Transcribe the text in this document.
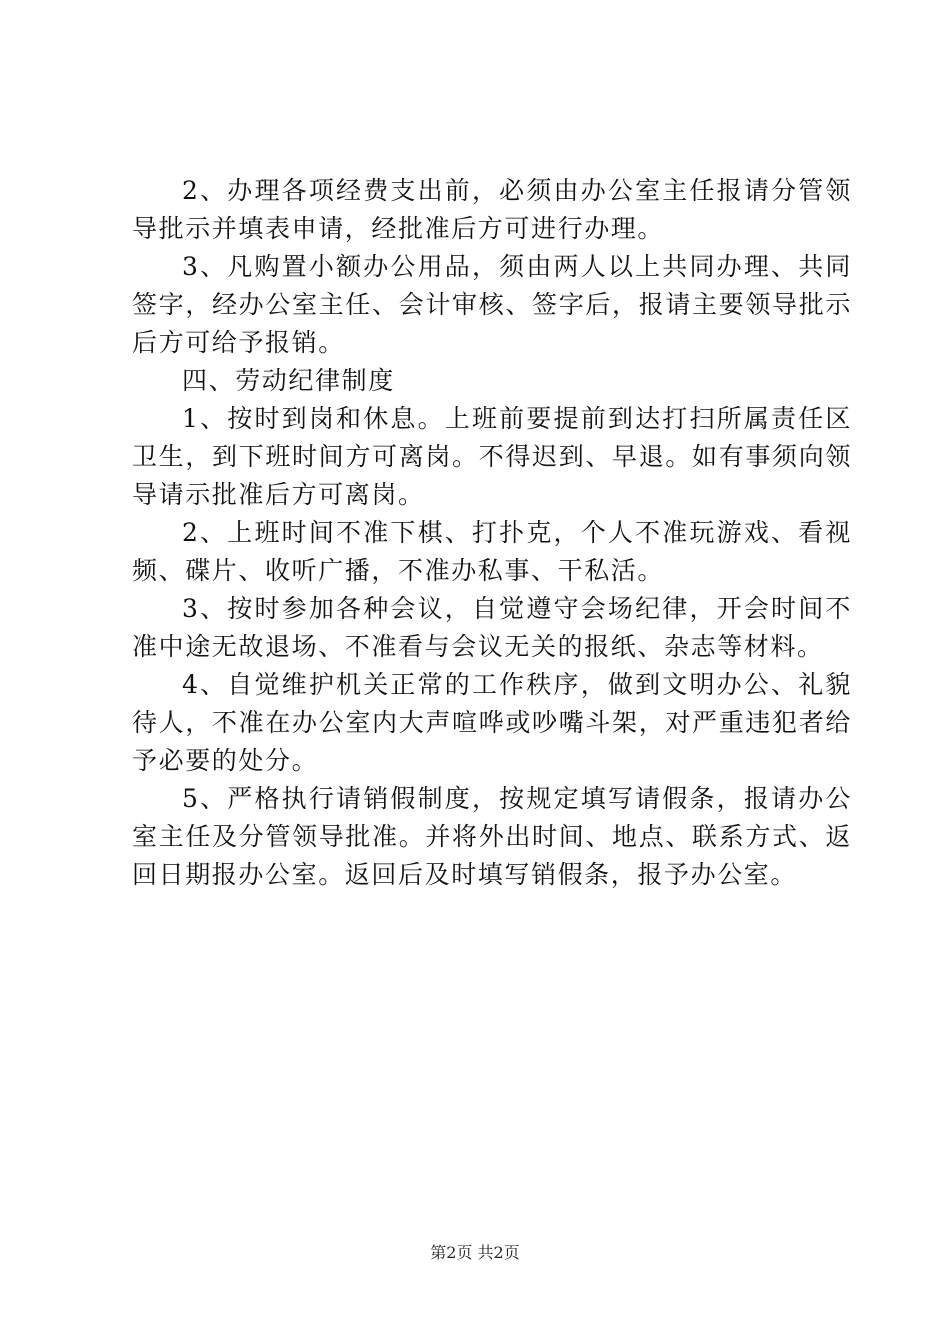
2、办理各项经费支出前，必须由办公室主任报请分管领导批示并填表申请，经批准后方可进行办理。

3、凡购置小额办公用品，须由两人以上共同办理、共同签字，经办公室主任、会计审核、签字后，报请主要领导批示后方可给予报销。

四、劳动纪律制度

1、按时到岗和休息。上班前要提前到达打扫所属责任区卫生，到下班时间方可离岗。不得迟到、早退。如有事须向领导请示批准后方可离岗。

2、上班时间不准下棋、打扑克，个人不准玩游戏、看视频、碟片、收听广播，不准办私事、干私活。

3、按时参加各种会议，自觉遵守会场纪律，开会时间不准中途无故退场、不准看与会议无关的报纸、杂志等材料。

4、自觉维护机关正常的工作秩序，做到文明办公、礼貌待人，不准在办公室内大声喧哗或吵嘴斗架，对严重违犯者给予必要的处分。

5、严格执行请销假制度，按规定填写请假条，报请办公室主任及分管领导批准。并将外出时间、地点、联系方式、返回日期报办公室。返回后及时填写销假条，报予办公室。

第2页 共2页
